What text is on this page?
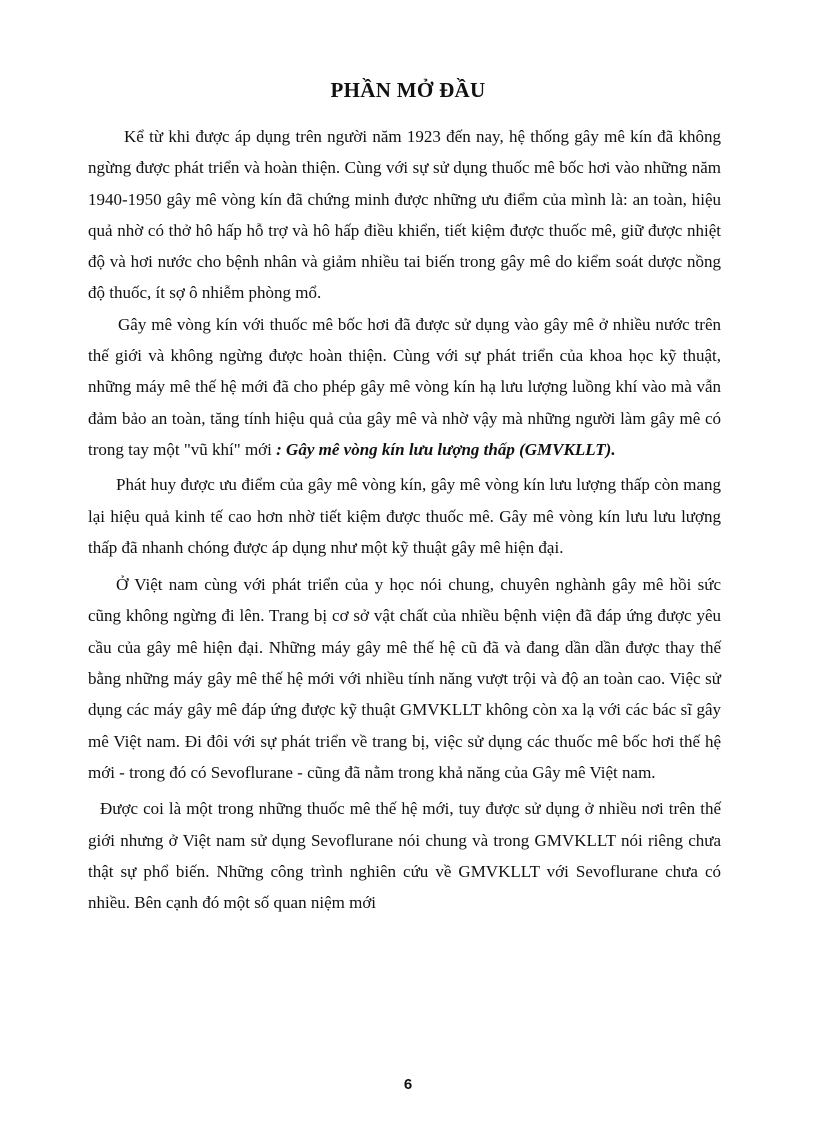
PHẦN MỞ ĐẦU

Kể từ khi được áp dụng trên người năm 1923 đến nay, hệ thống gây mê kín đã không ngừng được phát triển và hoàn thiện. Cùng với sự sử dụng thuốc mê bốc hơi vào những năm 1940-1950 gây mê vòng kín đã chứng minh được những ưu điểm của mình là: an toàn, hiệu quả nhờ có thở hô hấp hỗ trợ và hô hấp điều khiển, tiết kiệm được thuốc mê, giữ được nhiệt độ và hơi nước cho bệnh nhân và giảm nhiều tai biến trong gây mê do kiểm soát dược nồng độ thuốc, ít sợ ô nhiễm phòng mổ.

Gây mê vòng kín với thuốc mê bốc hơi đã được sử dụng vào gây mê ở nhiều nước trên thế giới và không ngừng được hoàn thiện. Cùng với sự phát triển của khoa học kỹ thuật, những máy mê thế hệ mới đã cho phép gây mê vòng kín hạ lưu lượng luồng khí vào mà vẫn đảm bảo an toàn, tăng tính hiệu quả của gây mê và nhờ vậy mà những người làm gây mê có trong tay một "vũ khí" mới : Gây mê vòng kín lưu lượng thấp (GMVKLLT).

Phát huy được ưu điểm của gây mê vòng kín, gây mê vòng kín lưu lượng thấp còn mang lại hiệu quả kinh tế cao hơn nhờ tiết kiệm được thuốc mê. Gây mê vòng kín lưu lưu lượng thấp đã nhanh chóng được áp dụng như một kỹ thuật gây mê hiện đại.

Ở Việt nam cùng với phát triển của y học nói chung, chuyên nghành gây mê hồi sức cũng không ngừng đi lên. Trang bị cơ sở vật chất của nhiều bệnh viện đã đáp ứng được yêu cầu của gây mê hiện đại. Những máy gây mê thế hệ cũ đã và đang dần dần được thay thế bằng những máy gây mê thế hệ mới với nhiều tính năng vượt trội và độ an toàn cao. Việc sử dụng các máy gây mê đáp ứng được kỹ thuật GMVKLLT không còn xa lạ với các bác sĩ gây mê Việt nam. Đi đôi với sự phát triển về trang bị, việc sử dụng các thuốc mê bốc hơi thế hệ mới - trong đó có Sevoflurane - cũng đã nằm trong khả năng của Gây mê Việt nam.

Được coi là một trong những thuốc mê thế hệ mới, tuy được sử dụng ở nhiều nơi trên thế giới nhưng ở Việt nam sử dụng Sevoflurane nói chung và trong GMVKLLT nói riêng chưa thật sự phổ biến. Những công trình nghiên cứu về GMVKLLT với Sevoflurane chưa có nhiều. Bên cạnh đó một số quan niệm mới

6
